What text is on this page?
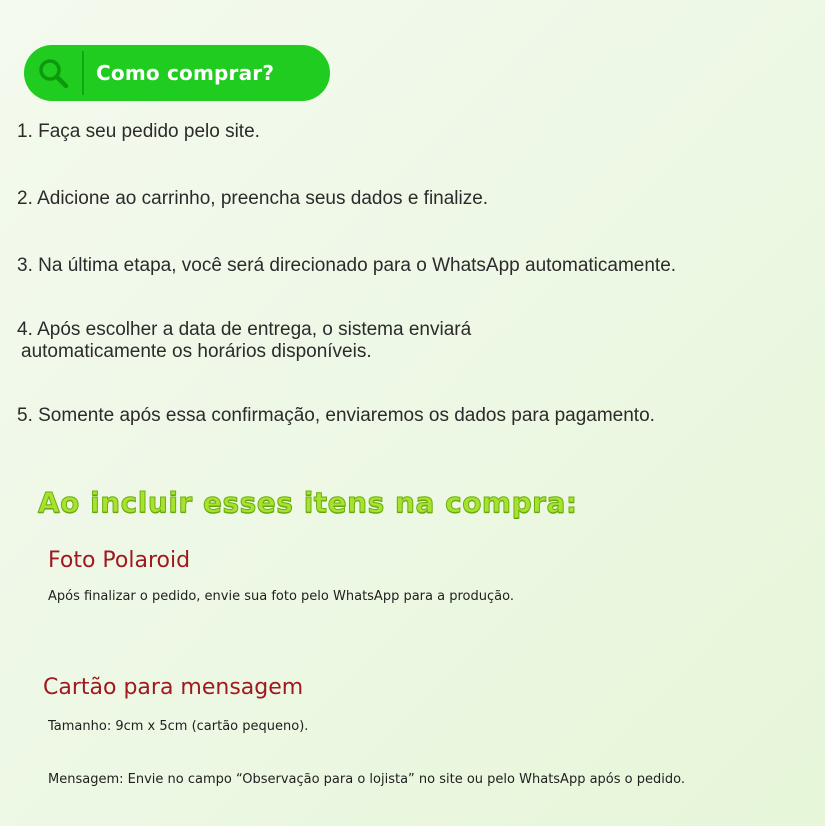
Como comprar?
1. Faça seu pedido pelo site.
2. Adicione ao carrinho, preencha seus dados e finalize.
3. Na última etapa, você será direcionado para o WhatsApp automaticamente.
4. Após escolher a data de entrega, o sistema enviará
automaticamente os horários disponíveis.
5. Somente após essa confirmação, enviaremos os dados para pagamento.
Ao incluir esses itens na compra:
Foto Polaroid
Após finalizar o pedido, envie sua foto pelo WhatsApp para a produção.
Cartão para mensagem
Tamanho: 9cm x 5cm (cartão pequeno).
Mensagem: Envie no campo “Observação para o lojista” no site ou pelo WhatsApp após o pedido.
